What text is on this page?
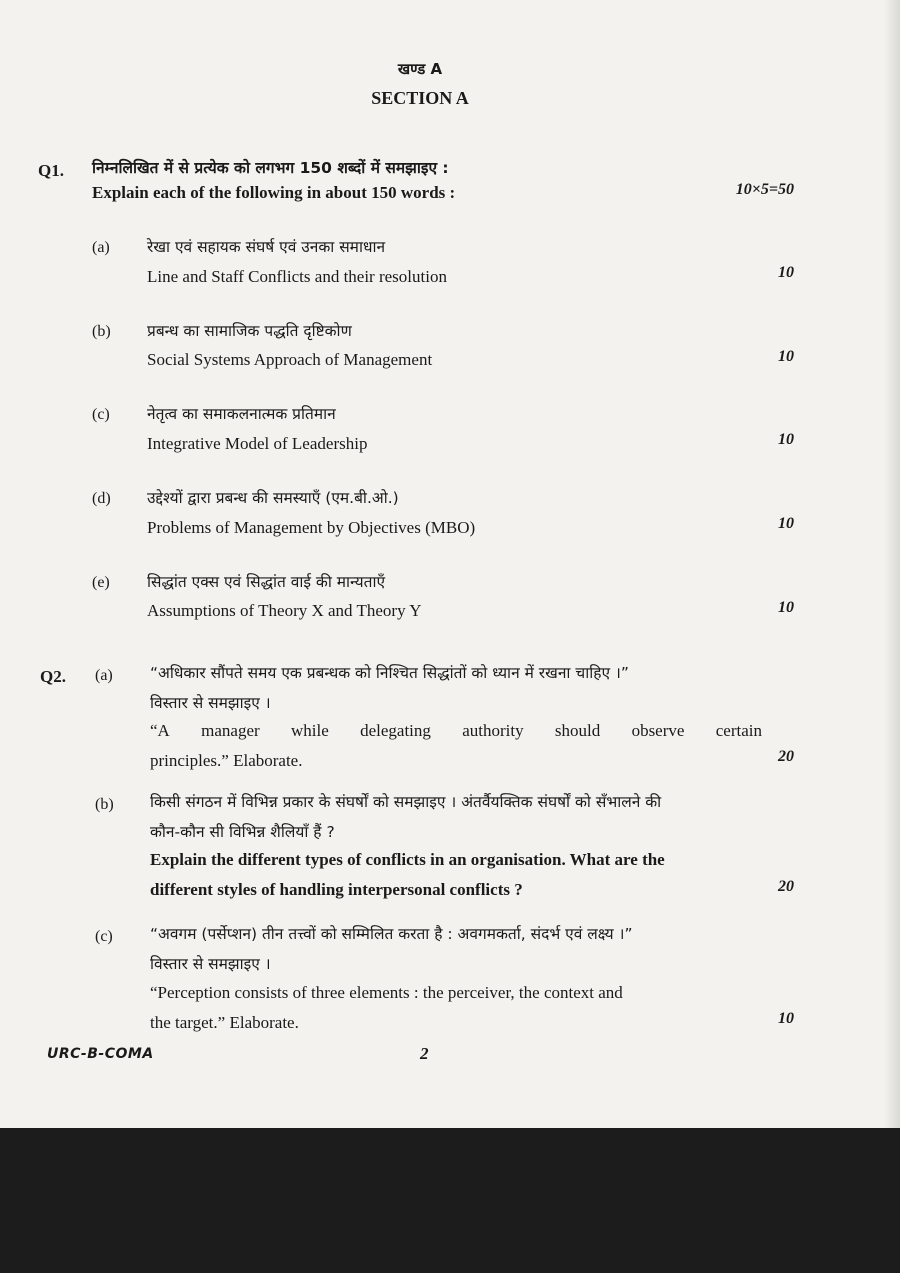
खण्ड A
SECTION A
Q1. निम्नलिखित में से प्रत्येक को लगभग 150 शब्दों में समझाइए :
Explain each of the following in about 150 words :	10×5=50
(a) रेखा एवं सहायक संघर्ष एवं उनका समाधान
Line and Staff Conflicts and their resolution	10
(b) प्रबन्ध का सामाजिक पद्धति दृष्टिकोण
Social Systems Approach of Management	10
(c) नेतृत्व का समाकलनात्मक प्रतिमान
Integrative Model of Leadership	10
(d) उद्देश्यों द्वारा प्रबन्ध की समस्याएँ (एम.बी.ओ.)
Problems of Management by Objectives (MBO)	10
(e) सिद्धांत एक्स एवं सिद्धांत वाई की मान्यताएँ
Assumptions of Theory X and Theory Y	10
Q2. (a) “अधिकार सौंपते समय एक प्रबन्धक को निश्चित सिद्धांतों को ध्यान में रखना चाहिए ।”
विस्तार से समझाइए ।
“A manager while delegating authority should observe certain
principles.” Elaborate.	20
(b) किसी संगठन में विभिन्न प्रकार के संघर्षों को समझाइए । अंतर्वैयक्तिक संघर्षों को सँभालने की
कौन-कौन सी विभिन्न शैलियाँ हैं ?
Explain the different types of conflicts in an organisation. What are the
different styles of handling interpersonal conflicts ?	20
(c) “अवगम (पर्सेप्शन) तीन तत्त्वों को सम्मिलित करता है : अवगमकर्ता, संदर्भ एवं लक्ष्य ।”
विस्तार से समझाइए ।
“Perception consists of three elements : the perceiver, the context and
the target.” Elaborate.	10
URC-B-COMA	2
